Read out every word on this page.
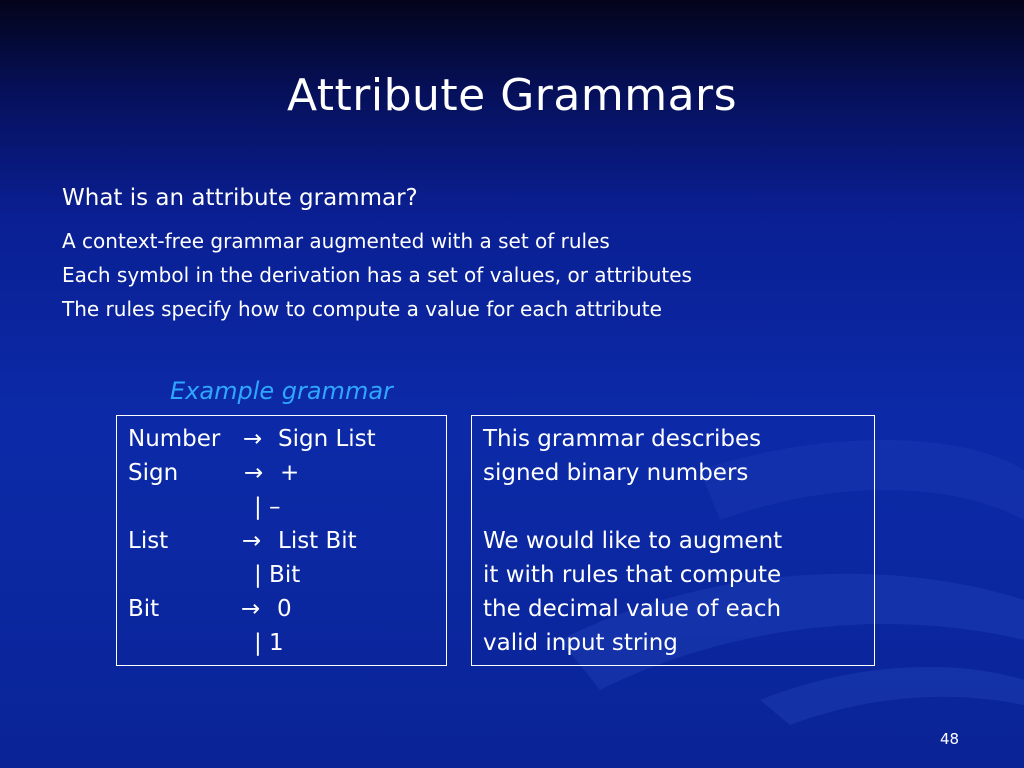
Attribute Grammars
What is an attribute grammar?
A context-free grammar augmented with a set of rules
Each symbol in the derivation has a set of values, or attributes
The rules specify how to compute a value for each attribute
Example grammar
Number → Sign List
Sign	→ +
| –
List	→ List Bit
| Bit
Bit	→ 0
| 1
This grammar describes
signed binary numbers
We would like to augment
it with rules that compute
the decimal value of each
valid input string
48
